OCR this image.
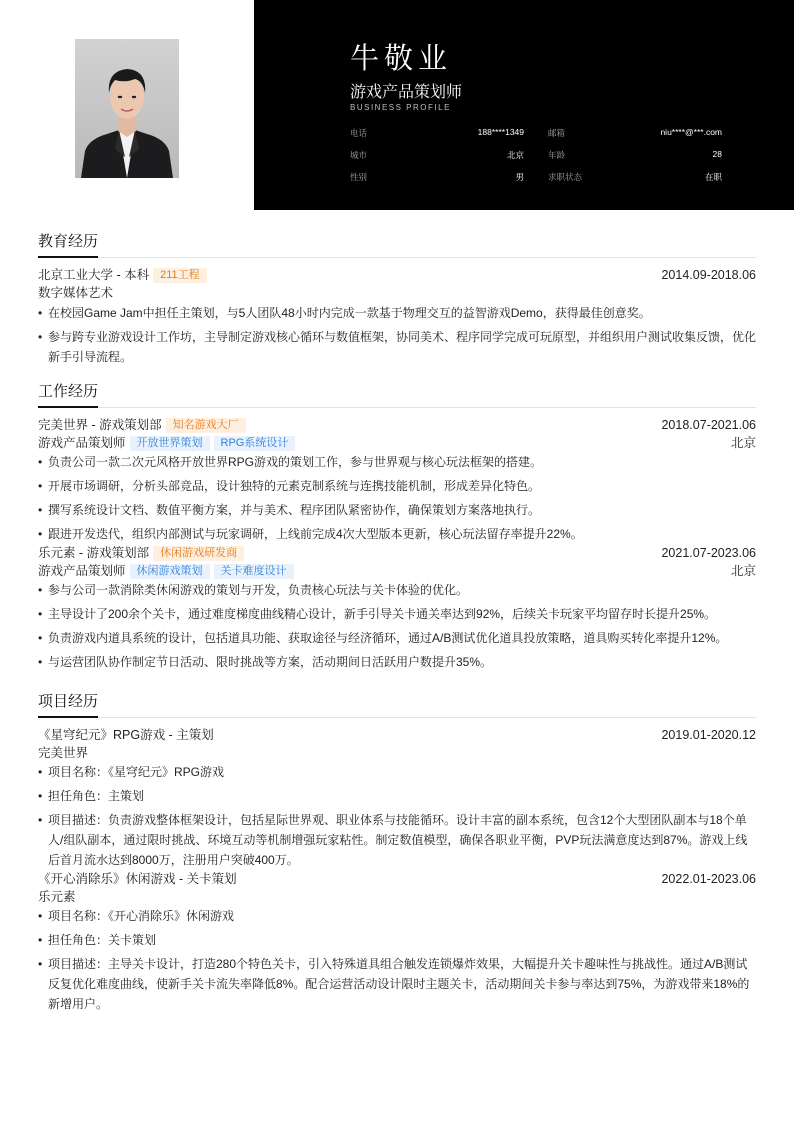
牛敬业
游戏产品策划师
BUSINESS PROFILE
电话	188****1349	邮箱	niu****@***.com
城市	北京	年龄	28
性别	男	求职状态	在职
教育经历
北京工业大学 - 本科 211工程	2014.09-2018.06
数字媒体艺术
• 在校园Game Jam中担任主策划，与5人团队48小时内完成一款基于物理交互的益智游戏Demo，获得最佳创意奖。
• 参与跨专业游戏设计工作坊，主导制定游戏核心循环与数值框架，协同美术、程序同学完成可玩原型，并组织用户测试收集反馈，优化新手引导流程。
工作经历
完美世界 - 游戏策划部 知名游戏大厂	2018.07-2021.06
游戏产品策划师 开放世界策划 RPG系统设计	北京
• 负责公司一款二次元风格开放世界RPG游戏的策划工作，参与世界观与核心玩法框架的搭建。
• 开展市场调研，分析头部竞品，设计独特的元素克制系统与连携技能机制，形成差异化特色。
• 撰写系统设计文档、数值平衡方案，并与美术、程序团队紧密协作，确保策划方案落地执行。
• 跟进开发迭代，组织内部测试与玩家调研，上线前完成4次大型版本更新，核心玩法留存率提升22%。
乐元素 - 游戏策划部 休闲游戏研发商	2021.07-2023.06
游戏产品策划师 休闲游戏策划 关卡难度设计	北京
• 参与公司一款消除类休闲游戏的策划与开发，负责核心玩法与关卡体验的优化。
• 主导设计了200余个关卡，通过难度梯度曲线精心设计，新手引导关卡通关率达到92%，后续关卡玩家平均留存时长提升25%。
• 负责游戏内道具系统的设计，包括道具功能、获取途径与经济循环，通过A/B测试优化道具投放策略，道具购买转化率提升12%。
• 与运营团队协作制定节日活动、限时挑战等方案，活动期间日活跃用户数提升35%。
项目经历
《星穹纪元》RPG游戏 - 主策划	2019.01-2020.12
完美世界
• 项目名称：《星穹纪元》RPG游戏
• 担任角色：主策划
• 项目描述：负责游戏整体框架设计，包括星际世界观、职业体系与技能循环。设计丰富的副本系统，包含12个大型团队副本与18个单人/组队副本，通过限时挑战、环境互动等机制增强玩家粘性。制定数值模型，确保各职业平衡，PVP玩法满意度达到87%。游戏上线后首月流水达到8000万，注册用户突破400万。
《开心消除乐》休闲游戏 - 关卡策划	2022.01-2023.06
乐元素
• 项目名称：《开心消除乐》休闲游戏
• 担任角色：关卡策划
• 项目描述：主导关卡设计，打造280个特色关卡，引入特殊道具组合触发连锁爆炸效果，大幅提升关卡趣味性与挑战性。通过A/B测试反复优化难度曲线，使新手关卡流失率降低8%。配合运营活动设计限时主题关卡，活动期间关卡参与率达到75%，为游戏带来18%的新增用户。
